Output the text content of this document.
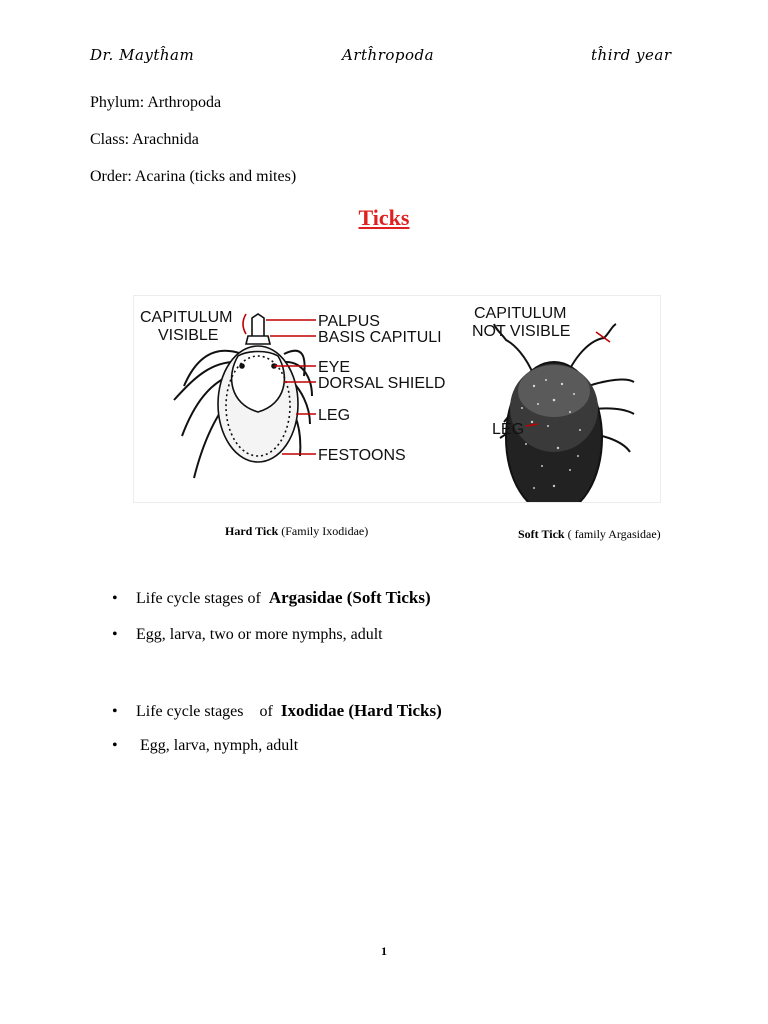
Dr. Maytĥam	Artĥropoda	tĥird year
Phylum: Arthropoda
Class: Arachnida
Order: Acarina (ticks and mites)
Ticks
CAPITULUM
VISIBLE
PALPUS
BASIS CAPITULI
EYE
DORSAL SHIELD
LEG
FESTOONS
CAPITULUM
NOT VISIBLE
LEG
Hard Tick (Family Ixodidae)	Soft Tick ( family Argasidae)
•	Life cycle stages of Argasidae (Soft Ticks)
•	Egg, larva, two or more nymphs, adult
•	Life cycle stages    of Ixodidae (Hard Ticks)
•	Egg, larva, nymph, adult
1
